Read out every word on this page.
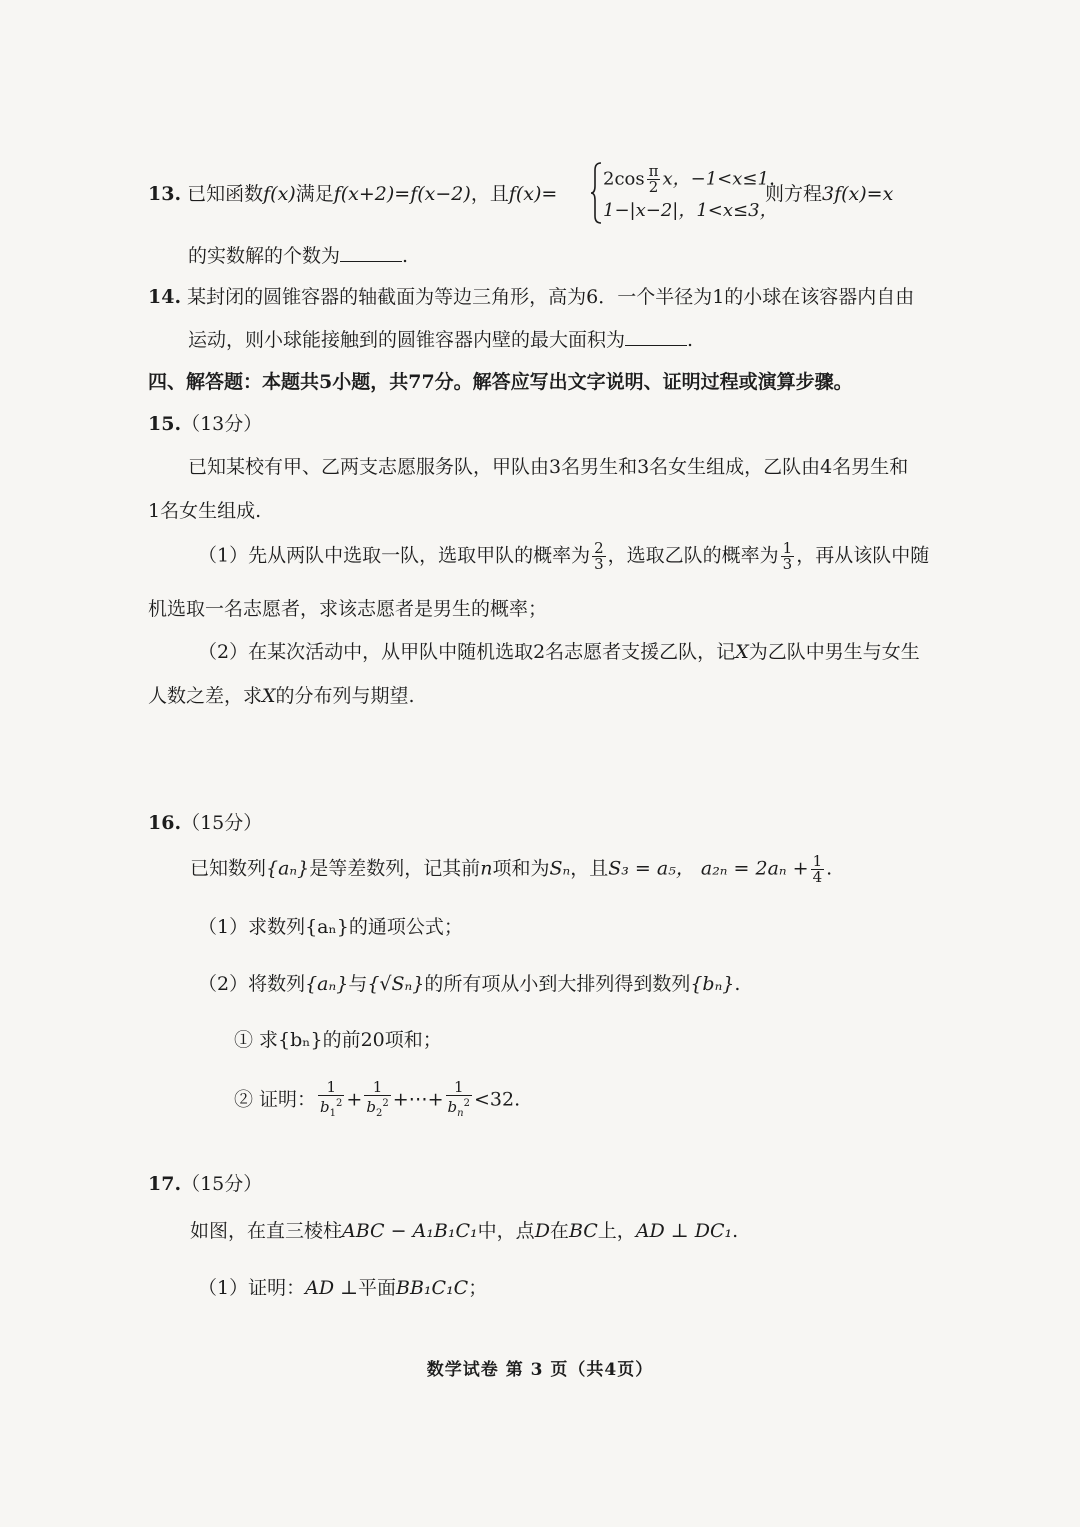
13. 已知函数f(x)满足f(x+2)=f(x−2)，且f(x)=
$2\cos \frac{\pi}{2}$ x，−1<x≤1，
1−|x−2|，1<x≤3，
则方程3f(x)=x
的实数解的个数为	.
14. 某封闭的圆锥容器的轴截面为等边三角形，高为6．一个半径为1的小球在该容器内自由
运动，则小球能接触到的圆锥容器内壁的最大面积为	.
四、解答题：本题共5小题，共77分。解答应写出文字说明、证明过程或演算步骤。
15.（13分）
已知某校有甲、乙两支志愿服务队，甲队由3名男生和3名女生组成，乙队由4名男生和
1名女生组成.
（1）先从两队中选取一队，选取甲队的概率为 $\frac{2}{3}$ ，选取乙队的概率为 $\frac{1}{3}$ ，再从该队中随
机选取一名志愿者，求该志愿者是男生的概率；
（2）在某次活动中，从甲队中随机选取2名志愿者支援乙队，记X为乙队中男生与女生
人数之差，求X的分布列与期望.
16.（15分）
已知数列{aₙ}是等差数列，记其前n项和为Sₙ，且S₃ = a₅， $a_{2n} = 2a_n + \frac{1}{4}$ .
（1）求数列{aₙ}的通项公式；
（2）将数列{aₙ}与{√Sₙ}的所有项从小到大排列得到数列{bₙ}.
① 求{bₙ}的前20项和；
② 证明： $\frac{1}{b_1^2} + \frac{1}{b_2^2}$ +⋯+ $\frac{1}{b_n^2} <32$.
17.（15分）
如图，在直三棱柱ABC − A₁B₁C₁中，点D在BC上，AD ⊥ DC₁.
（1）证明：AD ⊥平面BB₁C₁C；
数学试卷 第 3 页（共4页）
